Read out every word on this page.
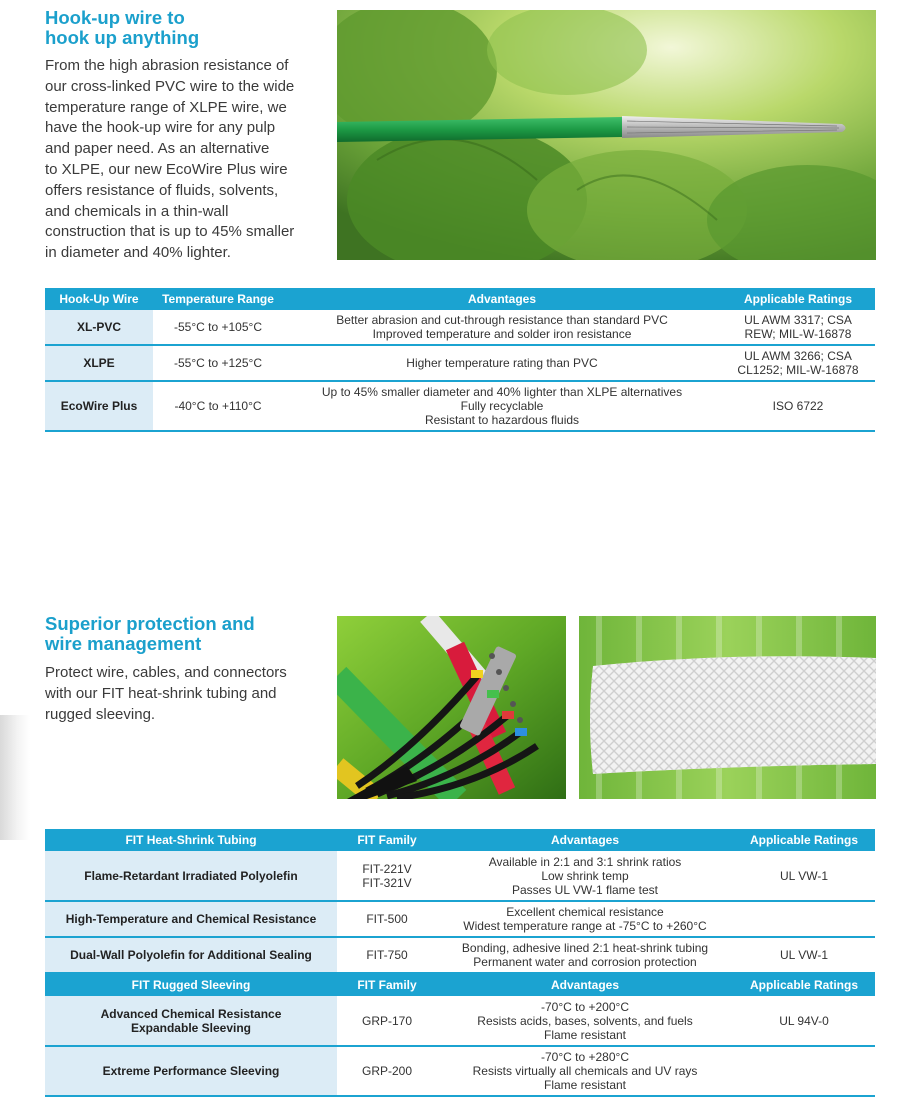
Hook-up wire to
hook up anything
From the high abrasion resistance of
our cross-linked PVC wire to the wide
temperature range of XLPE wire, we
have the hook-up wire for any pulp
and paper need. As an alternative
to XLPE, our new EcoWire Plus wire
offers resistance of fluids, solvents,
and chemicals in a thin-wall
construction that is up to 45% smaller
in diameter and 40% lighter.
Hook-Up Wire	Temperature Range	Advantages	Applicable Ratings
XL-PVC	-55°C to +105°C	Better abrasion and cut-through resistance than standard PVC
Improved temperature and solder iron resistance	UL AWM 3317; CSA
REW; MIL-W-16878

XLPE	-55°C to +125°C	Higher temperature rating than PVC	UL AWM 3266; CSA
CL1252; MIL-W-16878

EcoWire Plus	-40°C to +110°C	Up to 45% smaller diameter and 40% lighter than XLPE alternatives
Fully recyclable
Resistant to hazardous fluids	ISO 6722
Superior protection and
wire management
Protect wire, cables, and connectors
with our FIT heat-shrink tubing and
rugged sleeving.
FIT Heat-Shrink Tubing	FIT Family	Advantages	Applicable Ratings

Flame-Retardant Irradiated Polyolefin	FIT-221V
FIT-321V	Available in 2:1 and 3:1 shrink ratios
Low shrink temp
Passes UL VW-1 flame test	UL VW-1

High-Temperature and Chemical Resistance	FIT-500	Excellent chemical resistance
Widest temperature range at -75°C to +260°C	

Dual-Wall Polyolefin for Additional Sealing	FIT-750	Bonding, adhesive lined 2:1 heat-shrink tubing
Permanent water and corrosion protection	UL VW-1
FIT Rugged Sleeving	FIT Family	Advantages	Applicable Ratings

Advanced Chemical Resistance
Expandable Sleeving	GRP-170	-70°C to +200°C
Resists acids, bases, solvents, and fuels
Flame resistant	UL 94V-0

Extreme Performance Sleeving	GRP-200	-70°C to +280°C
Resists virtually all chemicals and UV rays
Flame resistant	
